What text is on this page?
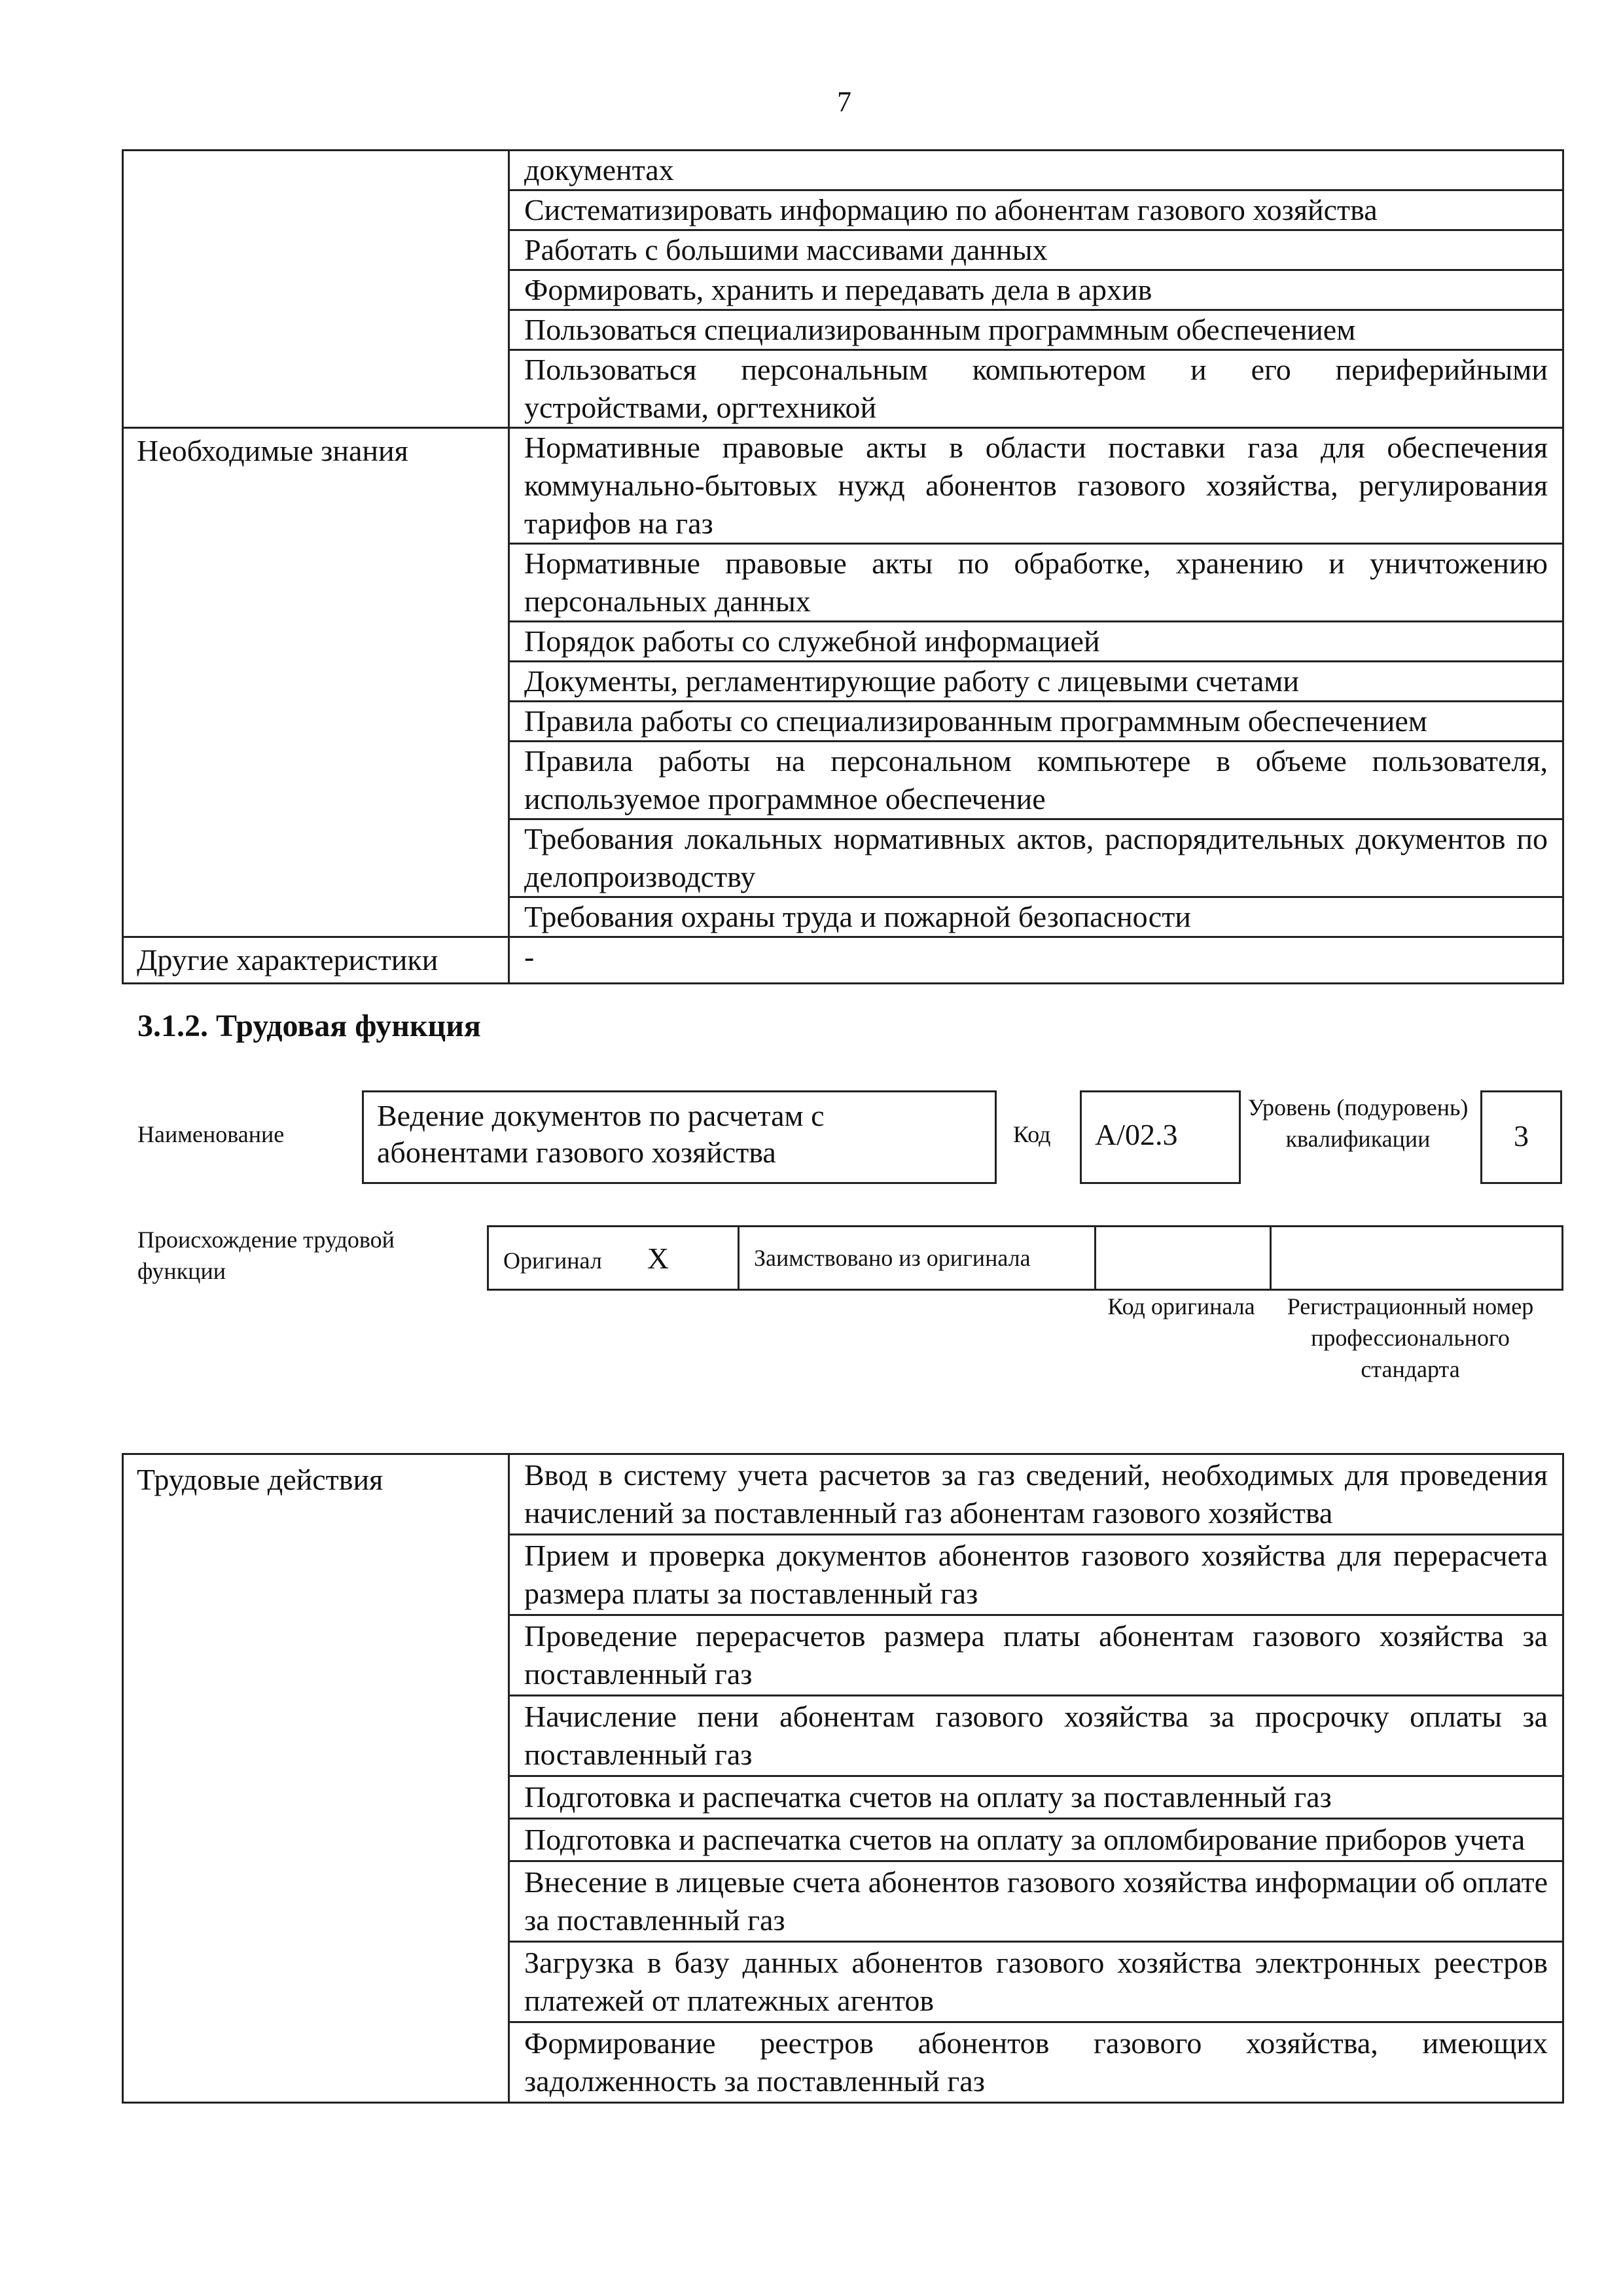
7
	документах
	Систематизировать информацию по абонентам газового хозяйства
	Работать с большими массивами данных
	Формировать, хранить и передавать дела в архив
	Пользоваться специализированным программным обеспечением
	Пользоваться персональным компьютером и его периферийными устройствами, оргтехникой
Необходимые знания	Нормативные правовые акты в области поставки газа для обеспечения коммунально-бытовых нужд абонентов газового хозяйства, регулирования тарифов на газ
	Нормативные правовые акты по обработке, хранению и уничтожению персональных данных
	Порядок работы со служебной информацией
	Документы, регламентирующие работу с лицевыми счетами
	Правила работы со специализированным программным обеспечением
	Правила работы на персональном компьютере в объеме пользователя, используемое программное обеспечение
	Требования локальных нормативных актов, распорядительных документов по делопроизводству
	Требования охраны труда и пожарной безопасности
Другие характеристики	-
3.1.2. Трудовая функция
Наименование
Ведение документов по расчетам с абонентами газового хозяйства
Код	A/02.3
Уровень (подуровень) квалификации	3
Происхождение трудовой функции	Оригинал X	Заимствовано из оригинала		
Код оригинала	Регистрационный номер профессионального стандарта
Трудовые действия	Ввод в систему учета расчетов за газ сведений, необходимых для проведения начислений за поставленный газ абонентам газового хозяйства
Прием и проверка документов абонентов газового хозяйства для перерасчета размера платы за поставленный газ
Проведение перерасчетов размера платы абонентам газового хозяйства за поставленный газ
Начисление пени абонентам газового хозяйства за просрочку оплаты за поставленный газ
Подготовка и распечатка счетов на оплату за поставленный газ
Подготовка и распечатка счетов на оплату за опломбирование приборов учета
Внесение в лицевые счета абонентов газового хозяйства информации об оплате за поставленный газ
Загрузка в базу данных абонентов газового хозяйства электронных реестров платежей от платежных агентов
Формирование реестров абонентов газового хозяйства, имеющих задолженность за поставленный газ
